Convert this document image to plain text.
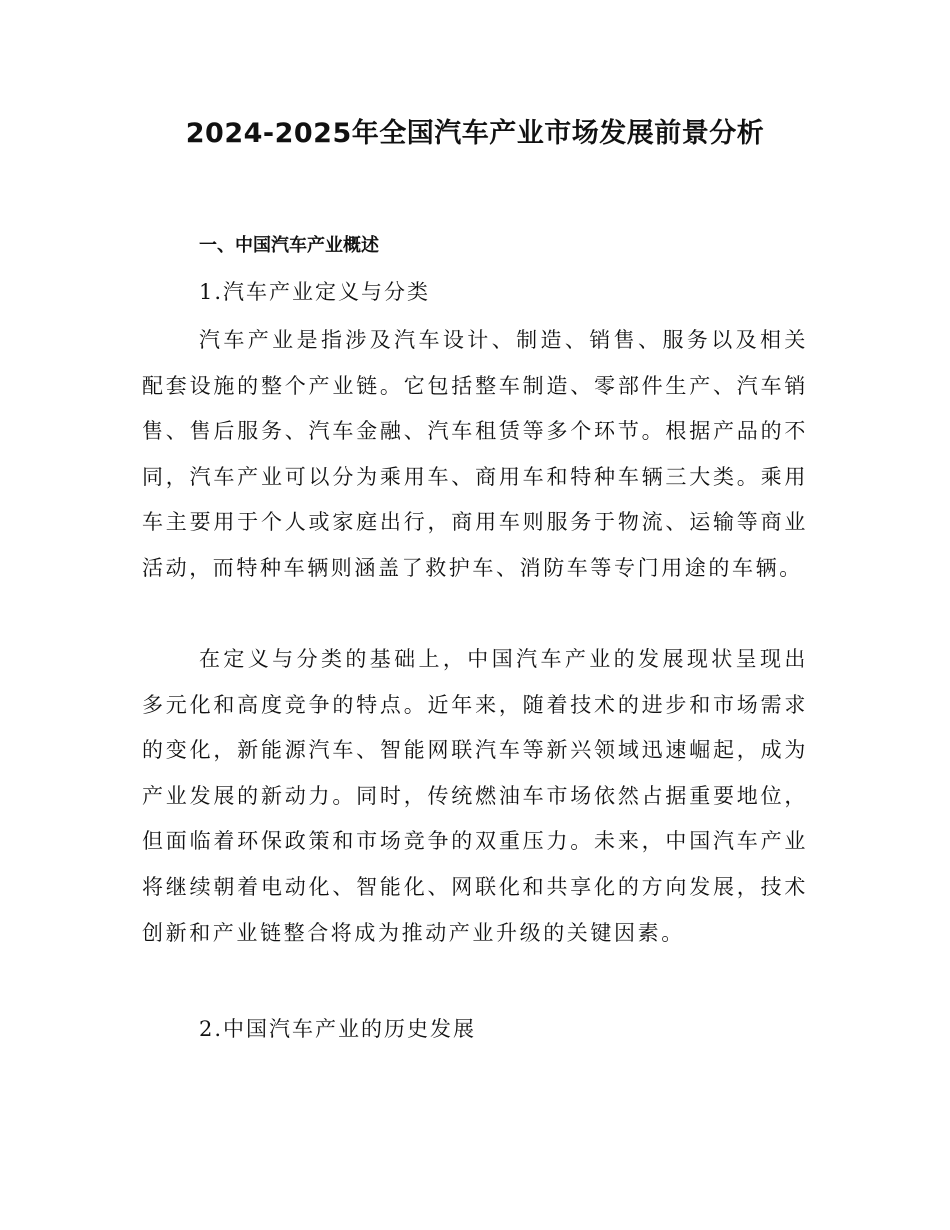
2024-2025年全国汽车产业市场发展前景分析
一、中国汽车产业概述
1.汽车产业定义与分类

汽车产业是指涉及汽车设计、制造、销售、服务以及相关配套设施的整个产业链。它包括整车制造、零部件生产、汽车销售、售后服务、汽车金融、汽车租赁等多个环节。根据产品的不同，汽车产业可以分为乘用车、商用车和特种车辆三大类。乘用车主要用于个人或家庭出行，商用车则服务于物流、运输等商业活动，而特种车辆则涵盖了救护车、消防车等专门用途的车辆。

在定义与分类的基础上，中国汽车产业的发展现状呈现出多元化和高度竞争的特点。近年来，随着技术的进步和市场需求的变化，新能源汽车、智能网联汽车等新兴领域迅速崛起，成为产业发展的新动力。同时，传统燃油车市场依然占据重要地位，但面临着环保政策和市场竞争的双重压力。未来，中国汽车产业将继续朝着电动化、智能化、网联化和共享化的方向发展，技术创新和产业链整合将成为推动产业升级的关键因素。

2.中国汽车产业的历史发展
